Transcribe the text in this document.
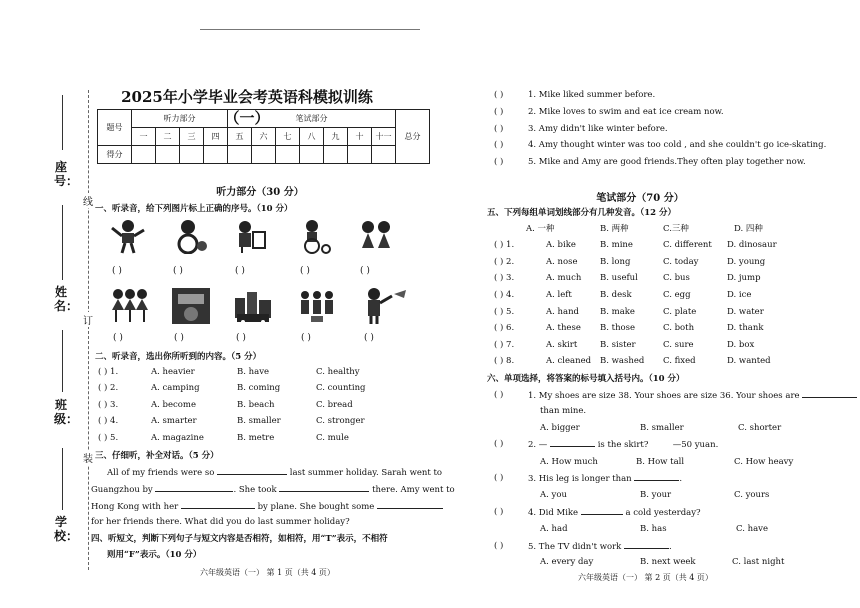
座号：
姓名：
班级：
学校：
线
订
装
2025年小学毕业会考英语科模拟训练（一）
题号	听力部分				笔试部分							总分
	一	二	三	四	五	六	七	八	九	十	十一	
得分												
听力部分（30 分）
一、听录音，给下列图片标上正确的序号。（10 分）
( )	( )	( )	( )	( )
( )	( )	( )	( )	( )
二、听录音，选出你所听到的内容。（5 分）
( ) 1.	A. heavier	B. have	C. healthy
( ) 2.	A. camping	B. coming	C. counting
( ) 3.	A. become	B. beach	C. bread
( ) 4.	A. smarter	B. smaller	C. stronger
( ) 5.	A. magazine	B. metre	C. mule
三、仔细听，补全对话。（5 分）
All of my friends were so	last summer holiday. Sarah went to
Guangzhou by	. She took	there. Amy went to
Hong Kong with her	by plane. She bought some
for her friends there. What did you do last summer holiday?
四、听短文，判断下列句子与短文内容是否相符，如相符，用“T”表示，不相符
则用“F”表示。（10 分）
六年级英语（一） 第 1 页（共 4 页）
( )	1. Mike liked summer before.
( )	2. Mike loves to swim and eat ice cream now.
( )	3. Amy didn't like winter before.
( )	4. Amy thought winter was too cold , and she couldn't go ice-skating.
( )	5. Mike and Amy are good friends.They often play together now.
笔试部分（70 分）
五、下列每组单词划线部分有几种发音。（12 分）
A. 一种	B. 两种	C.三种	D. 四种
( ) 1.	A. bike	B. mine	C. different D. dinosaur
( ) 2.	A. nose	B. long	C. today	D. young
( ) 3.	A. much B. useful	C. bus	D. jump
( ) 4.	A. left	B. desk	C. egg	D. ice
( ) 5.	A. hand B. make	C. plate	D. water
( ) 6.	A. these B. those	C. both	D. thank
( ) 7.	A. skirt	B. sister	C. sure	D. box
( ) 8.	A. cleaned B. washed C. fixed	D. wanted
六、单项选择，将答案的标号填入括号内。（10 分）
( )	1. My shoes are size 38. Your shoes are size 36. Your shoes are
than mine.
A. bigger	B. smaller	C. shorter
( )	2. —	is the skirt?	—50 yuan.
A. How much	B. How tall	C. How heavy
( )	3. His leg is longer than	.
A. you	B. your	C. yours
( )	4. Did Mike	a cold yesterday?
A. had	B. has	C. have
( )	5. The TV didn't work	.
A. every day	B. next week	C. last night
六年级英语（一） 第 2 页（共 4 页）
